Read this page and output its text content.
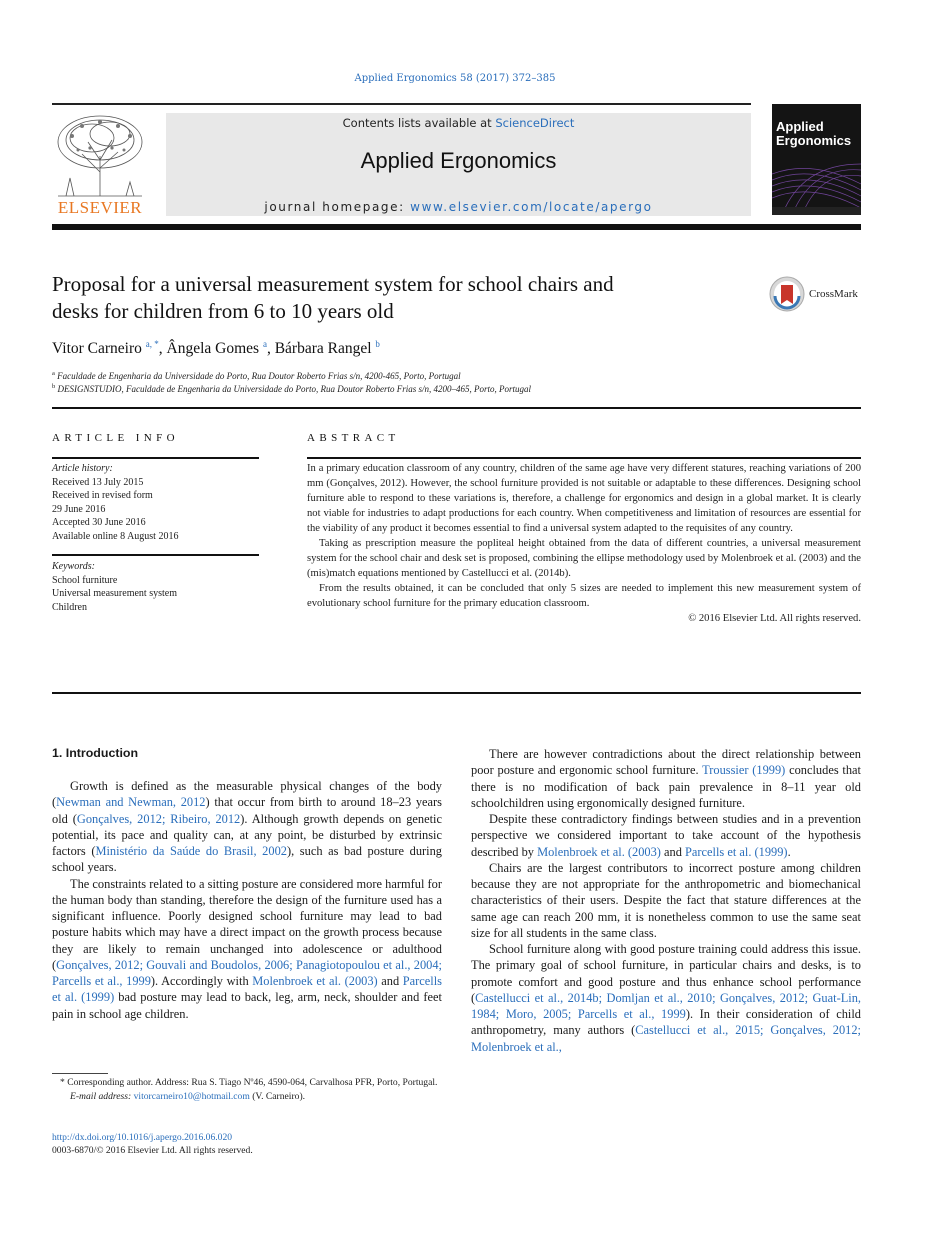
Applied Ergonomics 58 (2017) 372–385
ELSEVIER
Contents lists available at ScienceDirect
Applied Ergonomics
journal homepage: www.elsevier.com/locate/apergo
Applied
Ergonomics
Proposal for a universal measurement system for school chairs and
desks for children from 6 to 10 years old
CrossMark
Vitor Carneiro $^{a, *}$, Ângela Gomes $^a$, Bárbara Rangel $^b$
$^a$ Faculdade de Engenharia da Universidade do Porto, Rua Doutor Roberto Frias s/n, 4200-465, Porto, Portugal
$^b$ DESIGNSTUDIO, Faculdade de Engenharia da Universidade do Porto, Rua Doutor Roberto Frias s/n, 4200–465, Porto, Portugal
ARTICLE INFO
Article history:
Received 13 July 2015
Received in revised form
29 June 2016
Accepted 30 June 2016
Available online 8 August 2016
Keywords:
School furniture
Universal measurement system
Children
ABSTRACT

In a primary education classroom of any country, children of the same age have very different statures, reaching variations of 200 mm (Gonçalves, 2012). However, the school furniture provided is not suitable or adaptable to these differences. Designing school furniture able to respond to these variations is, therefore, a challenge for ergonomics and design in a global market. It is clearly not viable for industries to adapt productions for each country. When competitiveness and limitation of resources are essential for the viability of any product it becomes essential to find a universal system adapted to the requisites of any country.

Taking as prescription measure the popliteal height obtained from the data of different countries, a universal measurement system for the school chair and desk set is proposed, combining the ellipse methodology used by Molenbroek et al. (2003) and the (mis)match equations mentioned by Castellucci et al. (2014b).

From the results obtained, it can be concluded that only 5 sizes are needed to implement this new measurement system of evolutionary school furniture for the primary education classroom.

© 2016 Elsevier Ltd. All rights reserved.

1. Introduction

Growth is defined as the measurable physical changes of the body (Newman and Newman, 2012) that occur from birth to around 18–23 years old (Gonçalves, 2012; Ribeiro, 2012). Although growth depends on genetic potential, its pace and quality can, at any point, be disturbed by extrinsic factors (Ministério da Saúde do Brasil, 2002), such as bad posture during school years.

The constraints related to a sitting posture are considered more harmful for the human body than standing, therefore the design of the furniture used has a significant influence. Poorly designed school furniture may lead to bad posture habits which may have a direct impact on the growth process because they are likely to remain unchanged into adolescence or adulthood (Gonçalves, 2012; Gouvali and Boudolos, 2006; Panagiotopoulou et al., 2004; Parcells et al., 1999). Accordingly with Molenbroek et al. (2003) and Parcells et al. (1999) bad posture may lead to back, leg, arm, neck, shoulder and feet pain in school age children.

There are however contradictions about the direct relationship between poor posture and ergonomic school furniture. Troussier (1999) concludes that there is no modification of back pain prevalence in 8–11 year old schoolchildren using ergonomically designed furniture.

Despite these contradictory findings between studies and in a prevention perspective we considered important to take account of the hypothesis described by Molenbroek et al. (2003) and Parcells et al. (1999).

Chairs are the largest contributors to incorrect posture among children because they are not appropriate for the anthropometric and biomechanical characteristics of their users. Despite the fact that stature differences at the same age can reach 200 mm, it is nonetheless common to use the same seat size for all students in the same class.

School furniture along with good posture training could address this issue. The primary goal of school furniture, in particular chairs and desks, is to promote comfort and good posture and thus enhance school performance (Castellucci et al., 2014b; Domljan et al., 2010; Gonçalves, 2012; Guat-Lin, 1984; Moro, 2005; Parcells et al., 1999). In their consideration of child anthropometry, many authors (Castellucci et al., 2015; Gonçalves, 2012; Molenbroek et al.,

* Corresponding author. Address: Rua S. Tiago Nº46, 4590-064, Carvalhosa PFR, Porto, Portugal.
E-mail address: vitorcarneiro10@hotmail.com (V. Carneiro).
http://dx.doi.org/10.1016/j.apergo.2016.06.020
0003-6870/© 2016 Elsevier Ltd. All rights reserved.
